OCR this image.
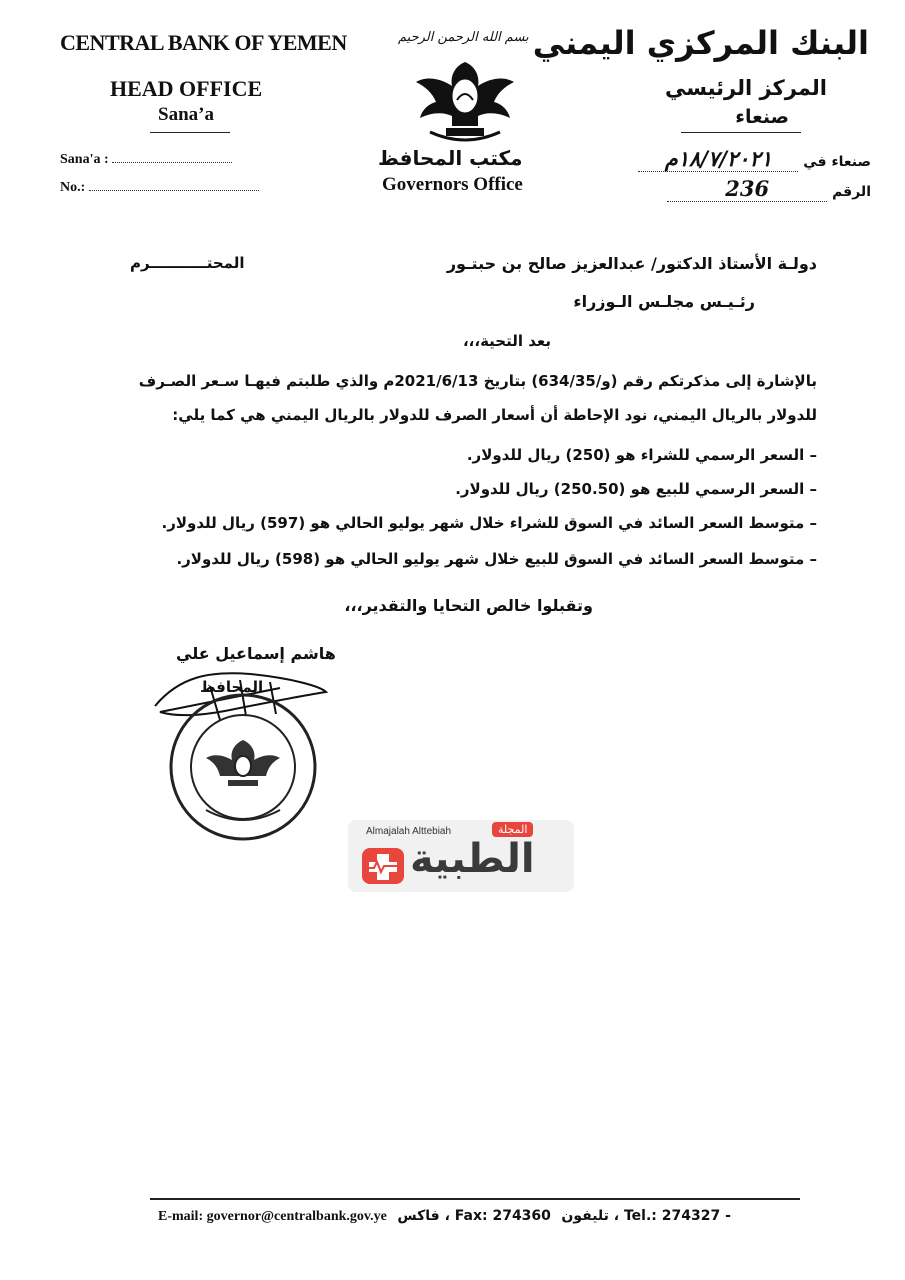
CENTRAL BANK OF YEMEN
HEAD OFFICE
Sana’a
Sana'a :
No.:
بسم الله الرحمن الرحيم
مكتب المحافظ
Governors Office
البنك المركزي اليمني
المركز الرئيسي
صنعاء
صنعاء في ١٨/٧/٢٠٢١م
الرقم 236
دولـة الأستاذ الدكتور/ عبدالعزيز صالح بن حبتـور
المحتـــــــــــرم
رئـيـس مجلـس الـوزراء
بعد التحية،،،
بالإشارة إلى مذكرتكم رقم (و/634/35) بتاريخ 2021/6/13م والذي طلبتم فيهـا سـعر الصـرف
للدولار بالريال اليمني، نود الإحاطة أن أسعار الصرف للدولار بالريال اليمني هي كما يلي:
– السعر الرسمي للشراء هو (250) ريال للدولار.
– السعر الرسمي للبيع هو (250.50) ريال للدولار.
– متوسط السعر السائد في السوق للشراء خلال شهر يوليو الحالي هو (597) ريال للدولار.
– متوسط السعر السائد في السوق للبيع خلال شهر يوليو الحالي هو (598) ريال للدولار.
وتقبلوا خالص التحايا والتقدير،،،
هاشم إسماعيل علي
المحافظ
Almajalah Alttebiah	المجلة
الطبية
E-mail: governor@centralbank.gov.ye Fax: 274360 ، فاكس - Tel.: 274327 ، تليفون
